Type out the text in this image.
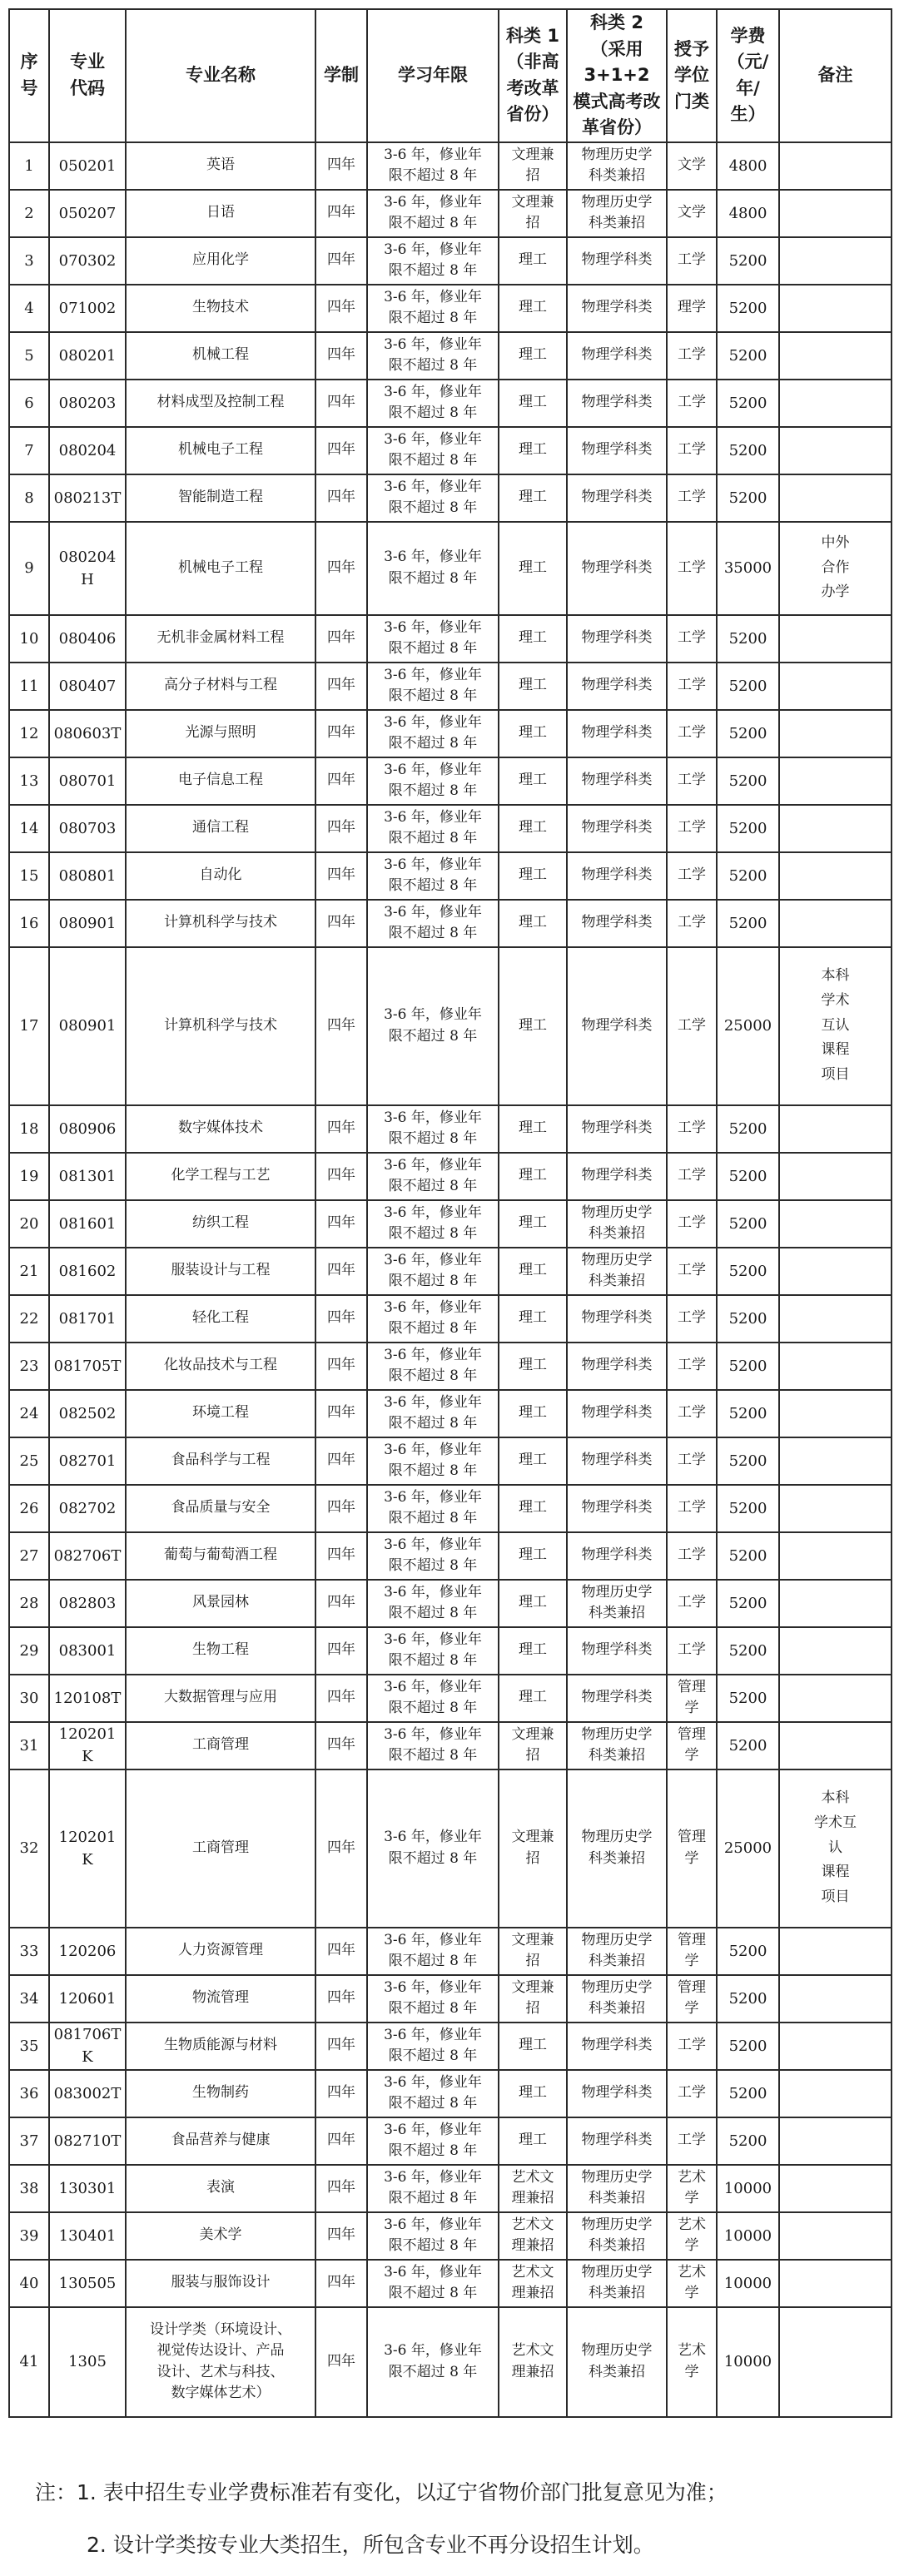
序
号	专业
代码	专业名称	学制	学习年限	科类 1
（非高
考改革
省份）	科类 2
（采用 3+1+2
模式高考改
革省份）	授予
学位
门类	学费
（元/
年/
生）	备注
1	050201	英语	四年	3-6 年，修业年
限不超过 8 年	文理兼
招	物理历史学
科类兼招	文学	4800	
2	050207	日语	四年	3-6 年，修业年
限不超过 8 年	文理兼
招	物理历史学
科类兼招	文学	4800	
3	070302	应用化学	四年	3-6 年，修业年
限不超过 8 年	理工	物理学科类	工学	5200	
4	071002	生物技术	四年	3-6 年，修业年
限不超过 8 年	理工	物理学科类	理学	5200	
5	080201	机械工程	四年	3-6 年，修业年
限不超过 8 年	理工	物理学科类	工学	5200	
6	080203	材料成型及控制工程	四年	3-6 年，修业年
限不超过 8 年	理工	物理学科类	工学	5200	
7	080204	机械电子工程	四年	3-6 年，修业年
限不超过 8 年	理工	物理学科类	工学	5200	
8	080213T	智能制造工程	四年	3-6 年，修业年
限不超过 8 年	理工	物理学科类	工学	5200	
9	080204H	机械电子工程	四年	3-6 年，修业年
限不超过 8 年	理工	物理学科类	工学	35000	中外
合作
办学
10	080406	无机非金属材料工程	四年	3-6 年，修业年
限不超过 8 年	理工	物理学科类	工学	5200	
11	080407	高分子材料与工程	四年	3-6 年，修业年
限不超过 8 年	理工	物理学科类	工学	5200	
12	080603T	光源与照明	四年	3-6 年，修业年
限不超过 8 年	理工	物理学科类	工学	5200	
13	080701	电子信息工程	四年	3-6 年，修业年
限不超过 8 年	理工	物理学科类	工学	5200	
14	080703	通信工程	四年	3-6 年，修业年
限不超过 8 年	理工	物理学科类	工学	5200	
15	080801	自动化	四年	3-6 年，修业年
限不超过 8 年	理工	物理学科类	工学	5200	
16	080901	计算机科学与技术	四年	3-6 年，修业年
限不超过 8 年	理工	物理学科类	工学	5200	
17	080901	计算机科学与技术	四年	3-6 年，修业年
限不超过 8 年	理工	物理学科类	工学	25000	本科
学术
互认
课程
项目
18	080906	数字媒体技术	四年	3-6 年，修业年
限不超过 8 年	理工	物理学科类	工学	5200	
19	081301	化学工程与工艺	四年	3-6 年，修业年
限不超过 8 年	理工	物理学科类	工学	5200	
20	081601	纺织工程	四年	3-6 年，修业年
限不超过 8 年	理工	物理历史学
科类兼招	工学	5200	
21	081602	服装设计与工程	四年	3-6 年，修业年
限不超过 8 年	理工	物理历史学
科类兼招	工学	5200	
22	081701	轻化工程	四年	3-6 年，修业年
限不超过 8 年	理工	物理学科类	工学	5200	
23	081705T	化妆品技术与工程	四年	3-6 年，修业年
限不超过 8 年	理工	物理学科类	工学	5200	
24	082502	环境工程	四年	3-6 年，修业年
限不超过 8 年	理工	物理学科类	工学	5200	
25	082701	食品科学与工程	四年	3-6 年，修业年
限不超过 8 年	理工	物理学科类	工学	5200	
26	082702	食品质量与安全	四年	3-6 年，修业年
限不超过 8 年	理工	物理学科类	工学	5200	
27	082706T	葡萄与葡萄酒工程	四年	3-6 年，修业年
限不超过 8 年	理工	物理学科类	工学	5200	
28	082803	风景园林	四年	3-6 年，修业年
限不超过 8 年	理工	物理历史学
科类兼招	工学	5200	
29	083001	生物工程	四年	3-6 年，修业年
限不超过 8 年	理工	物理学科类	工学	5200	
30	120108T	大数据管理与应用	四年	3-6 年，修业年
限不超过 8 年	理工	物理学科类	管理
学	5200	
31	120201K	工商管理	四年	3-6 年，修业年
限不超过 8 年	文理兼
招	物理历史学
科类兼招	管理
学	5200	
32	120201K	工商管理	四年	3-6 年，修业年
限不超过 8 年	文理兼
招	物理历史学
科类兼招	管理
学	25000	本科
学术互
认
课程
项目
33	120206	人力资源管理	四年	3-6 年，修业年
限不超过 8 年	文理兼
招	物理历史学
科类兼招	管理
学	5200	
34	120601	物流管理	四年	3-6 年，修业年
限不超过 8 年	文理兼
招	物理历史学
科类兼招	管理
学	5200	
35	081706TK	生物质能源与材料	四年	3-6 年，修业年
限不超过 8 年	理工	物理学科类	工学	5200	
36	083002T	生物制药	四年	3-6 年，修业年
限不超过 8 年	理工	物理学科类	工学	5200	
37	082710T	食品营养与健康	四年	3-6 年，修业年
限不超过 8 年	理工	物理学科类	工学	5200	
38	130301	表演	四年	3-6 年，修业年
限不超过 8 年	艺术文
理兼招	物理历史学
科类兼招	艺术
学	10000	
39	130401	美术学	四年	3-6 年，修业年
限不超过 8 年	艺术文
理兼招	物理历史学
科类兼招	艺术
学	10000	
40	130505	服装与服饰设计	四年	3-6 年，修业年
限不超过 8 年	艺术文
理兼招	物理历史学
科类兼招	艺术
学	10000	
41	1305	设计学类（环境设计、
视觉传达设计、产品
设计、艺术与科技、
数字媒体艺术）	四年	3-6 年，修业年
限不超过 8 年	艺术文
理兼招	物理历史学
科类兼招	艺术
学	10000	
注：1. 表中招生专业学费标准若有变化，以辽宁省物价部门批复意见为准；
2. 设计学类按专业大类招生，所包含专业不再分设招生计划。
